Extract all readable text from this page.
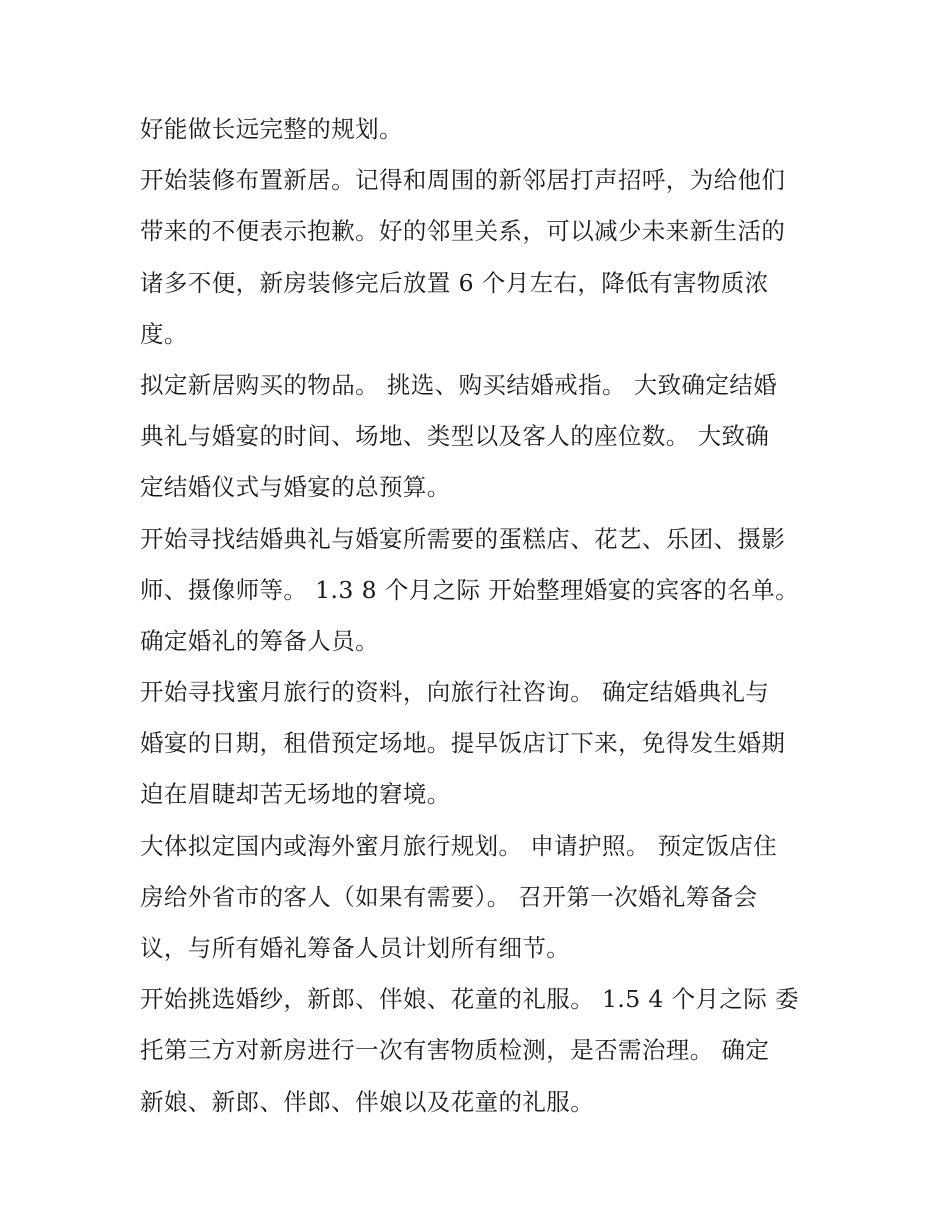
好能做长远完整的规划。
开始装修布置新居。记得和周围的新邻居打声招呼，为给他们
带来的不便表示抱歉。好的邻里关系，可以减少未来新生活的
诸多不便，新房装修完后放置 6 个月左右，降低有害物质浓
度。
拟定新居购买的物品。 挑选、购买结婚戒指。 大致确定结婚
典礼与婚宴的时间、场地、类型以及客人的座位数。 大致确
定结婚仪式与婚宴的总预算。
开始寻找结婚典礼与婚宴所需要的蛋糕店、花艺、乐团、摄影
师、摄像师等。 1.3 8 个月之际 开始整理婚宴的宾客的名单。
确定婚礼的筹备人员。
开始寻找蜜月旅行的资料，向旅行社咨询。 确定结婚典礼与
婚宴的日期，租借预定场地。提早饭店订下来，免得发生婚期
迫在眉睫却苦无场地的窘境。
大体拟定国内或海外蜜月旅行规划。 申请护照。 预定饭店住
房给外省市的客人（如果有需要）。 召开第一次婚礼筹备会
议，与所有婚礼筹备人员计划所有细节。
开始挑选婚纱，新郎、伴娘、花童的礼服。 1.5 4 个月之际 委
托第三方对新房进行一次有害物质检测，是否需治理。 确定
新娘、新郎、伴郎、伴娘以及花童的礼服。
